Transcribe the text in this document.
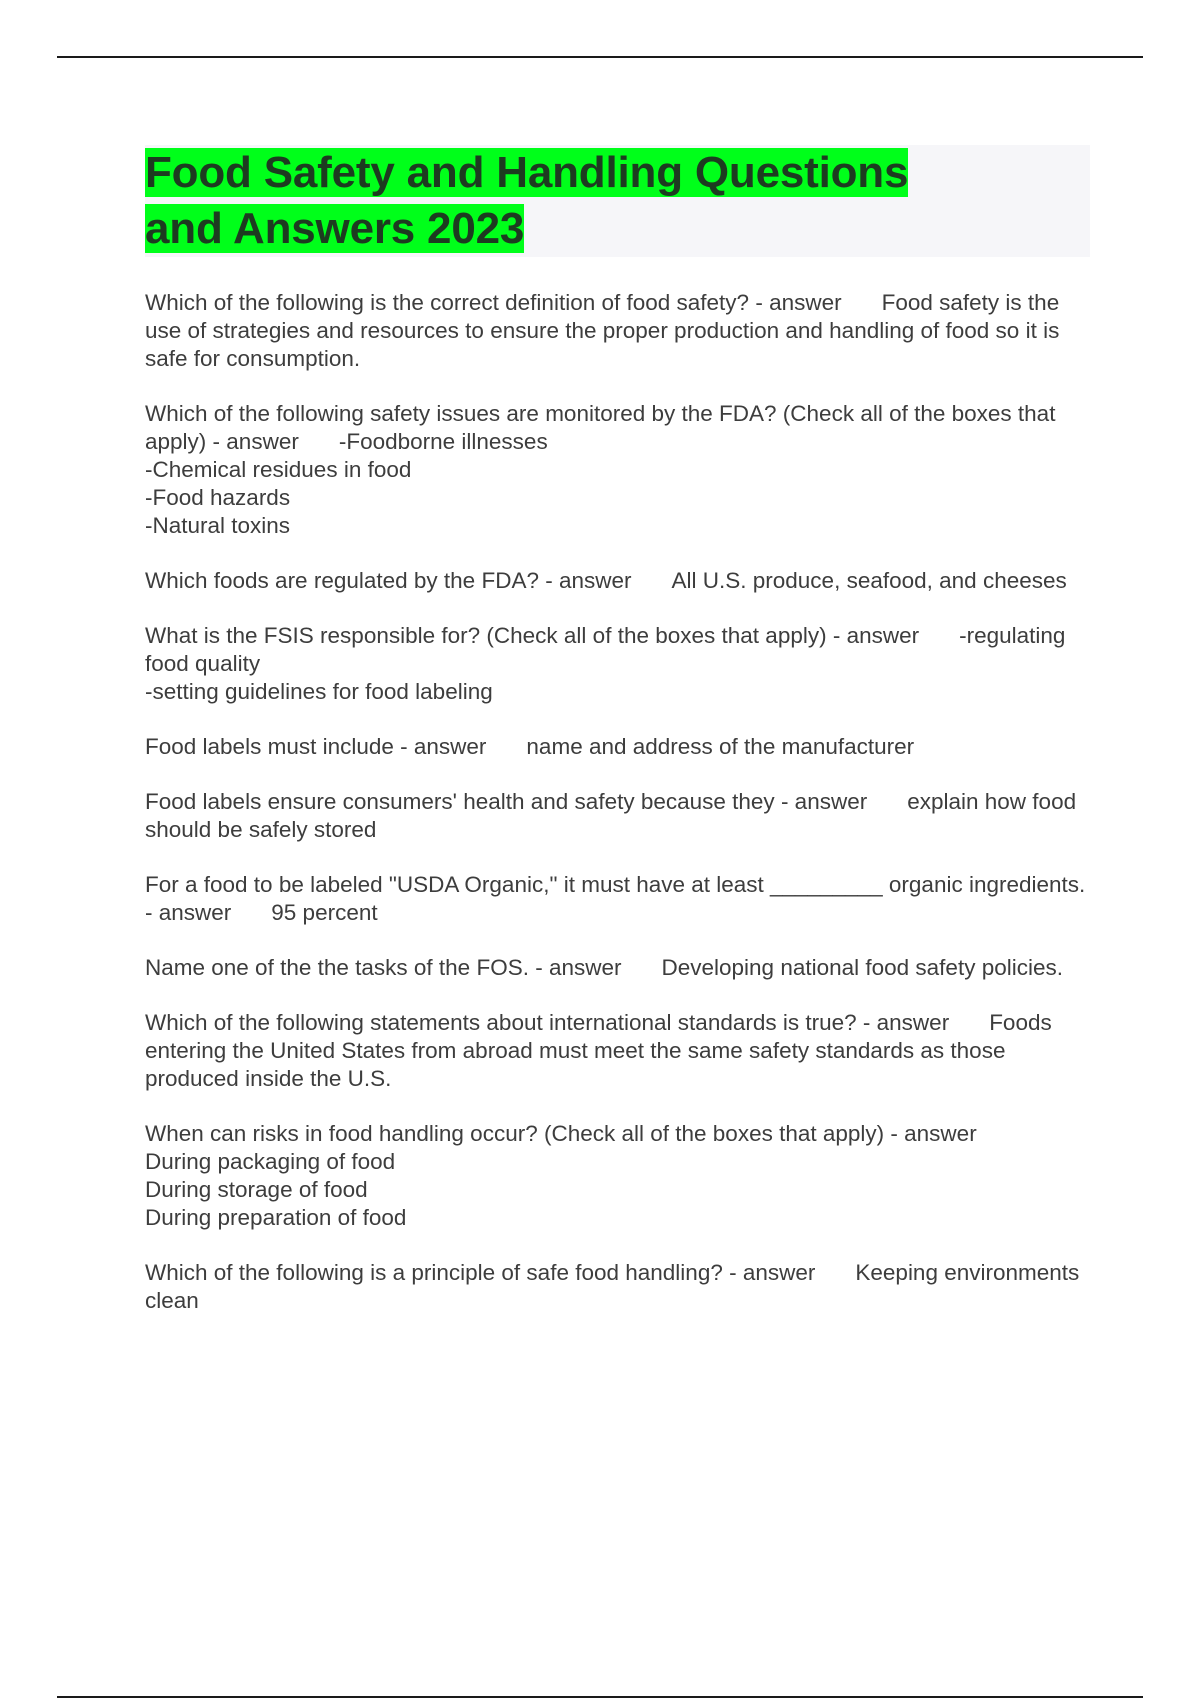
Food Safety and Handling Questions
and Answers 2023

Which of the following is the correct definition of food safety? - answer Food safety is the use of strategies and resources to ensure the proper production and handling of food so it is safe for consumption.

Which of the following safety issues are monitored by the FDA? (Check all of the boxes that apply) - answer -Foodborne illnesses
-Chemical residues in food
-Food hazards
-Natural toxins

Which foods are regulated by the FDA? - answer All U.S. produce, seafood, and cheeses

What is the FSIS responsible for? (Check all of the boxes that apply) - answer -regulating food quality
-setting guidelines for food labeling

Food labels must include - answer name and address of the manufacturer

Food labels ensure consumers' health and safety because they - answer explain how food should be safely stored

For a food to be labeled "USDA Organic," it must have at least _________ organic ingredients. - answer 95 percent

Name one of the the tasks of the FOS. - answer Developing national food safety policies.

Which of the following statements about international standards is true? - answer Foods entering the United States from abroad must meet the same safety standards as those produced inside the U.S.

When can risks in food handling occur? (Check all of the boxes that apply) - answer
During packaging of food
During storage of food
During preparation of food

Which of the following is a principle of safe food handling? - answer Keeping environments clean
